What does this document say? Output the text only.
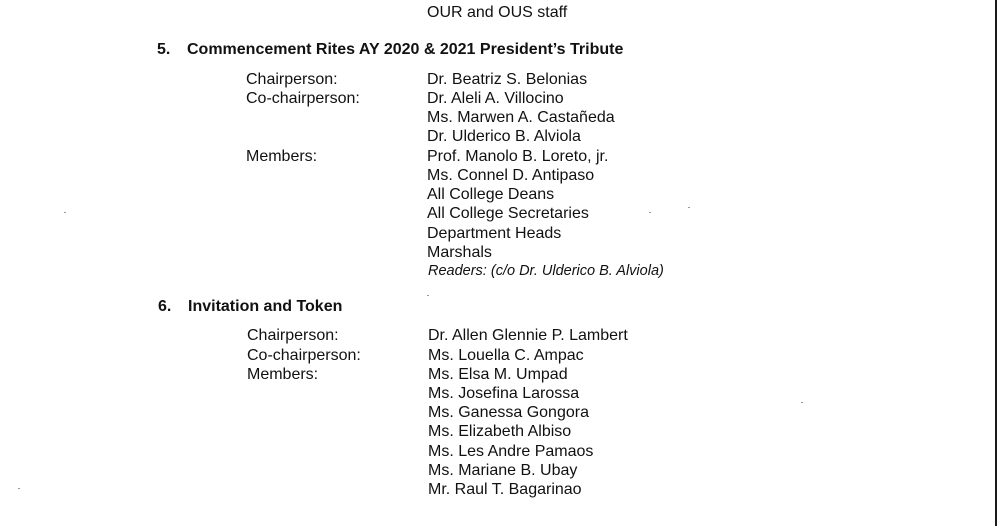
OUR and OUS staff
5. Commencement Rites AY 2020 & 2021 President’s Tribute
Chairperson:	Dr. Beatriz S. Belonias
Co-chairperson:	Dr. Aleli A. Villocino
Ms. Marwen A. Castañeda
Dr. Ulderico B. Alviola
Members:	Prof. Manolo B. Loreto, jr.
Ms. Connel D. Antipaso
All College Deans
All College Secretaries
Department Heads
Marshals
Readers: (c/o Dr. Ulderico B. Alviola)
6. Invitation and Token
Chairperson:	Dr. Allen Glennie P. Lambert
Co-chairperson:	Ms. Louella C. Ampac
Members:	Ms. Elsa M. Umpad
Ms. Josefina Larossa
Ms. Ganessa Gongora
Ms. Elizabeth Albiso
Ms. Les Andre Pamaos
Ms. Mariane B. Ubay
Mr. Raul T. Bagarinao
